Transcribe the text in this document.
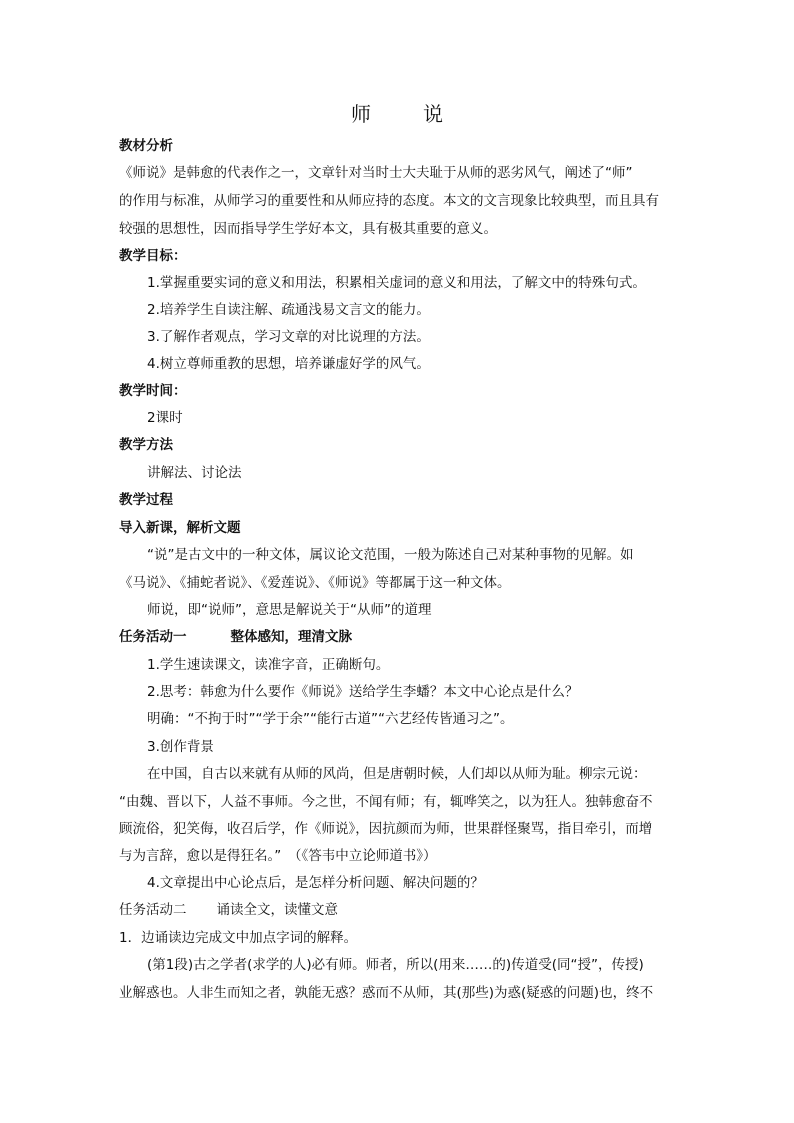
师　说
教材分析
《师说》是韩愈的代表作之一，文章针对当时士大夫耻于从师的恶劣风气，阐述了“师”
的作用与标准，从师学习的重要性和从师应持的态度。本文的文言现象比较典型，而且具有
较强的思想性，因而指导学生学好本文，具有极其重要的意义。
教学目标：
1.掌握重要实词的意义和用法，积累相关虚词的意义和用法，了解文中的特殊句式。
2.培养学生自读注解、疏通浅易文言文的能力。
3.了解作者观点，学习文章的对比说理的方法。
4.树立尊师重教的思想，培养谦虚好学的风气。
教学时间：
2课时
教学方法
讲解法、讨论法
教学过程
导入新课，解析文题
“说”是古文中的一种文体，属议论文范围，一般为陈述自己对某种事物的见解。如
《马说》、《捕蛇者说》、《爱莲说》、《师说》等都属于这一种文体。
师说，即“说师”，意思是解说关于“从师”的道理
任务活动一	整体感知，理清文脉
1.学生速读课文，读准字音，正确断句。
2.思考：韩愈为什么要作《师说》送给学生李蟠？本文中心论点是什么？
明确：“不拘于时”“学于余”“能行古道”“六艺经传皆通习之”。
3.创作背景
在中国，自古以来就有从师的风尚，但是唐朝时候，人们却以从师为耻。柳宗元说：
“由魏、晋以下，人益不事师。今之世，不闻有师；有，辄哗笑之，以为狂人。独韩愈奋不
顾流俗，犯笑侮，收召后学，作《师说》，因抗颜而为师，世果群怪聚骂，指目牵引，而增
与为言辞，愈以是得狂名。”　（《答韦中立论师道书》）
4.文章提出中心论点后，是怎样分析问题、解决问题的？
任务活动二 诵读全文，读懂文意
1．边诵读边完成文中加点字词的解释。
(第1段)古之学者(求学的人)必有师。师者，所以(用来……的)传道受(同“授”，传授)
业解惑也。人非生而知之者，孰能无惑？惑而不从师，其(那些)为惑(疑惑的问题)也，终不
